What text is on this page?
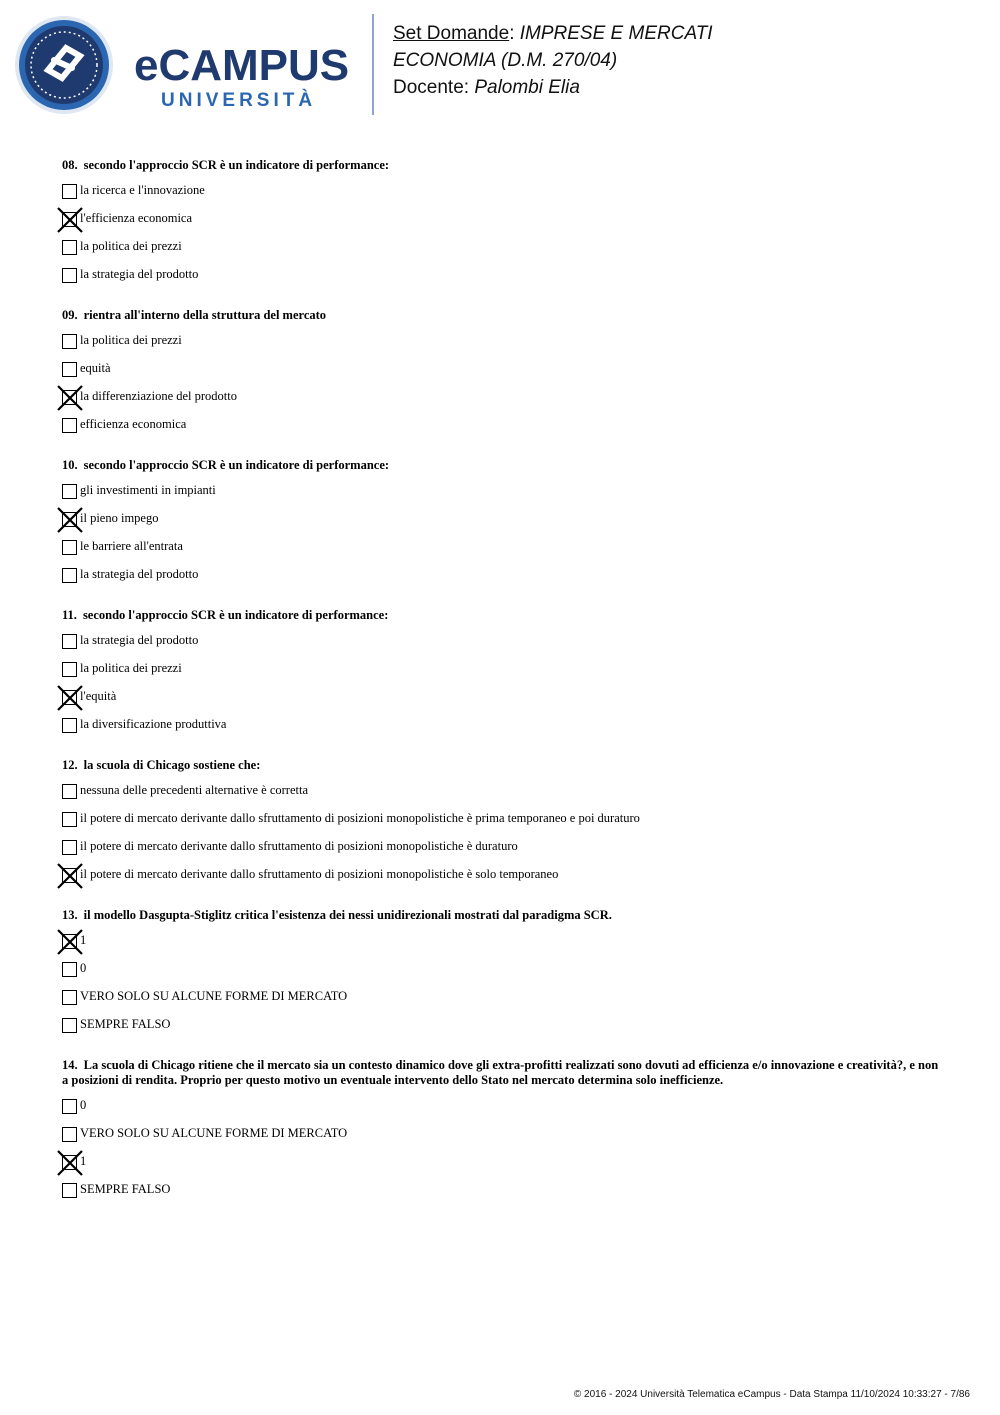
eCAMPUS
UNIVERSITÀ
Set Domande: IMPRESE E MERCATI
ECONOMIA (D.M. 270/04)
Docente: Palombi Elia
08. secondo l'approccio SCR è un indicatore di performance:
la ricerca e l'innovazione
l'efficienza economica
la politica dei prezzi
la strategia del prodotto
09. rientra all'interno della struttura del mercato
la politica dei prezzi
equità
la differenziazione del prodotto
efficienza economica
10. secondo l'approccio SCR è un indicatore di performance:
gli investimenti in impianti
il pieno impego
le barriere all'entrata
la strategia del prodotto
11. secondo l'approccio SCR è un indicatore di performance:
la strategia del prodotto
la politica dei prezzi
l'equità
la diversificazione produttiva
12. la scuola di Chicago sostiene che:
nessuna delle precedenti alternative è corretta
il potere di mercato derivante dallo sfruttamento di posizioni monopolistiche è prima temporaneo e poi duraturo
il potere di mercato derivante dallo sfruttamento di posizioni monopolistiche è duraturo
il potere di mercato derivante dallo sfruttamento di posizioni monopolistiche è solo temporaneo
13. il modello Dasgupta-Stiglitz critica l'esistenza dei nessi unidirezionali mostrati dal paradigma SCR.
1
0
VERO SOLO SU ALCUNE FORME DI MERCATO
SEMPRE FALSO
14. La scuola di Chicago ritiene che il mercato sia un contesto dinamico dove gli extra-profitti realizzati sono dovuti ad efficienza e/o innovazione e creatività?, e non a posizioni di rendita. Proprio per questo motivo un eventuale intervento dello Stato nel mercato determina solo inefficienze.
0
VERO SOLO SU ALCUNE FORME DI MERCATO
1
SEMPRE FALSO
© 2016 - 2024 Università Telematica eCampus - Data Stampa 11/10/2024 10:33:27 - 7/86
